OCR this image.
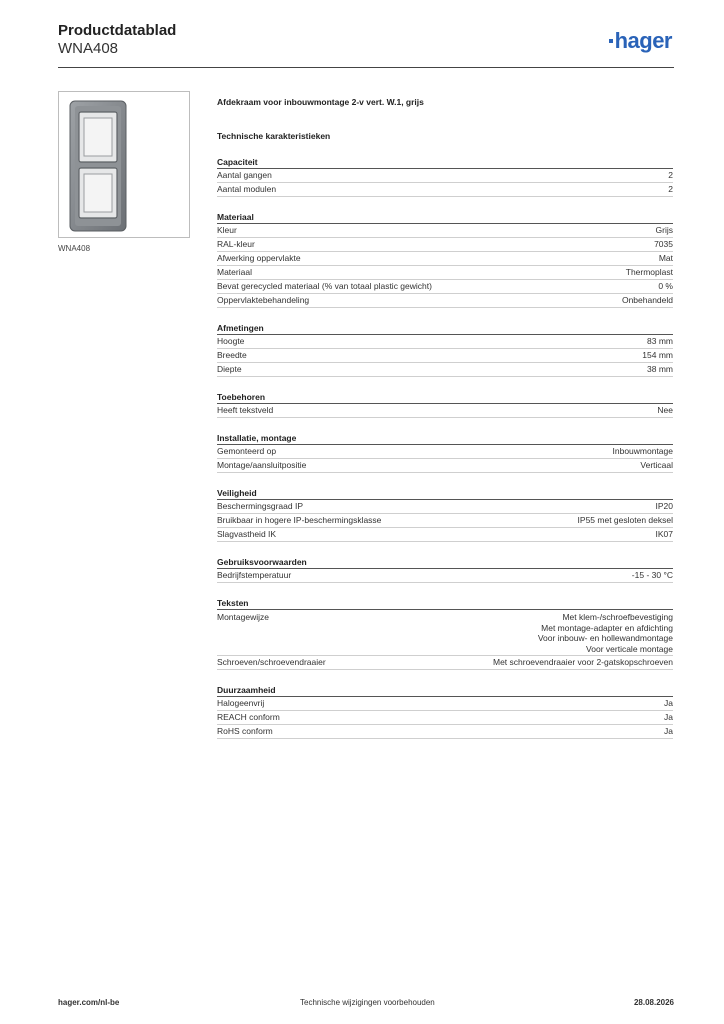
Productdatablad
WNA408	hager
WNA408
Afdekraam voor inbouwmontage 2-v vert. W.1, grijs
Technische karakteristieken
Capaciteit
Aantal gangen	2
Aantal modulen	2
Materiaal
Kleur	Grijs
RAL-kleur	7035
Afwerking oppervlakte	Mat
Materiaal	Thermoplast
Bevat gerecycled materiaal (% van totaal plastic gewicht)	0 %
Oppervlaktebehandeling	Onbehandeld
Afmetingen
Hoogte	83 mm
Breedte	154 mm
Diepte	38 mm
Toebehoren
Heeft tekstveld	Nee
Installatie, montage
Gemonteerd op	Inbouwmontage
Montage/aansluitpositie	Verticaal
Veiligheid
Beschermingsgraad IP	IP20
Bruikbaar in hogere IP-beschermingsklasse	IP55 met gesloten deksel
Slagvastheid IK	IK07
Gebruiksvoorwaarden
Bedrijfstemperatuur	-15 - 30 °C
Teksten
Montagewijze	Met klem-/schroefbevestiging
Met montage-adapter en afdichting
Voor inbouw- en hollewandmontage
Voor verticale montage
Schroeven/schroevendraaier	Met schroevendraaier voor 2-gatskopschroeven
Duurzaamheid
Halogeenvrij	Ja
REACH conform	Ja
RoHS conform	Ja
hager.com/nl-be	Technische wijzigingen voorbehouden	28.08.2026
